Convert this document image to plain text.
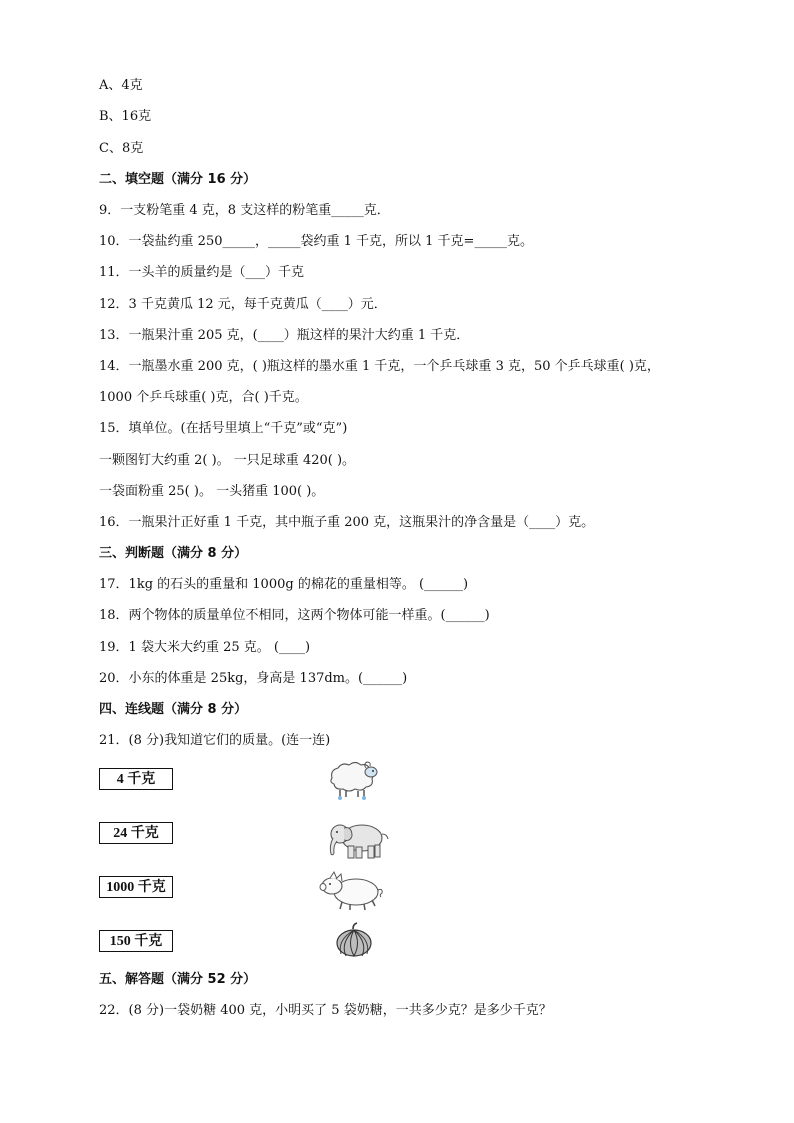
A、4克
B、16克
C、8克
二、填空题（满分 16 分）
9．一支粉笔重 4 克，8 支这样的粉笔重_____克．
10．一袋盐约重 250_____，_____袋约重 1 千克，所以 1 千克=_____克。
11．一头羊的质量约是（___）千克
12．3 千克黄瓜 12 元，每千克黄瓜（____）元．
13．一瓶果汁重 205 克，(____）瓶这样的果汁大约重 1 千克．
14．一瓶墨水重 200 克，( )瓶这样的墨水重 1 千克，一个乒乓球重 3 克，50 个乒乓球重( )克，
1000 个乒乓球重( )克，合( )千克。
15．填单位。(在括号里填上“千克”或“克”)
一颗图钉大约重 2( )。 一只足球重 420( )。
一袋面粉重 25( )。 一头猪重 100( )。
16．一瓶果汁正好重 1 千克，其中瓶子重 200 克，这瓶果汁的净含量是（____）克。
三、判断题（满分 8 分）
17．1kg 的石头的重量和 1000g 的棉花的重量相等。 (______)
18．两个物体的质量单位不相同，这两个物体可能一样重。(______)
19．1 袋大米大约重 25 克。 (____)
20．小东的体重是 25kg，身高是 137dm。(______)
四、连线题（满分 8 分）
21．(8 分)我知道它们的质量。(连一连)
4 千克
24 千克
1000 千克
150 千克
五、解答题（满分 52 分）
22．(8 分)一袋奶糖 400 克，小明买了 5 袋奶糖，一共多少克？是多少千克？
